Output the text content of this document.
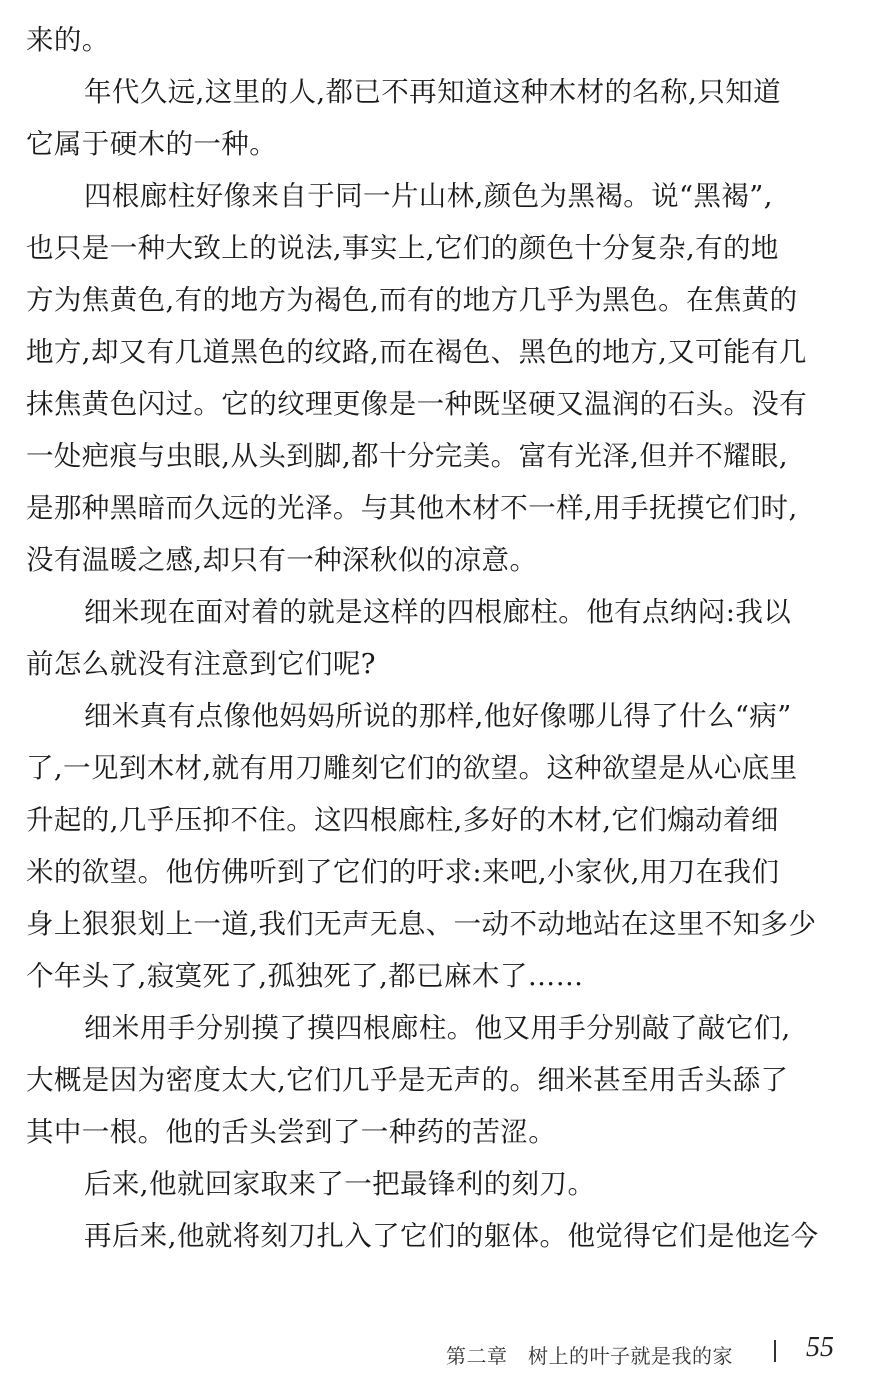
来的。
年代久远,这里的人,都已不再知道这种木材的名称,只知道
它属于硬木的一种。
四根廊柱好像来自于同一片山林,颜色为黑褐。说“黑褐”,
也只是一种大致上的说法,事实上,它们的颜色十分复杂,有的地
方为焦黄色,有的地方为褐色,而有的地方几乎为黑色。在焦黄的
地方,却又有几道黑色的纹路,而在褐色、黑色的地方,又可能有几
抹焦黄色闪过。它的纹理更像是一种既坚硬又温润的石头。没有
一处疤痕与虫眼,从头到脚,都十分完美。富有光泽,但并不耀眼,
是那种黑暗而久远的光泽。与其他木材不一样,用手抚摸它们时,
没有温暖之感,却只有一种深秋似的凉意。
细米现在面对着的就是这样的四根廊柱。他有点纳闷:我以
前怎么就没有注意到它们呢?
细米真有点像他妈妈所说的那样,他好像哪儿得了什么“病”
了,一见到木材,就有用刀雕刻它们的欲望。这种欲望是从心底里
升起的,几乎压抑不住。这四根廊柱,多好的木材,它们煽动着细
米的欲望。他仿佛听到了它们的吁求:来吧,小家伙,用刀在我们
身上狠狠划上一道,我们无声无息、一动不动地站在这里不知多少
个年头了,寂寞死了,孤独死了,都已麻木了……
细米用手分别摸了摸四根廊柱。他又用手分别敲了敲它们,
大概是因为密度太大,它们几乎是无声的。细米甚至用舌头舔了
其中一根。他的舌头尝到了一种药的苦涩。
后来,他就回家取来了一把最锋利的刻刀。
再后来,他就将刻刀扎入了它们的躯体。他觉得它们是他迄今
第二章　树上的叶子就是我的家	55
